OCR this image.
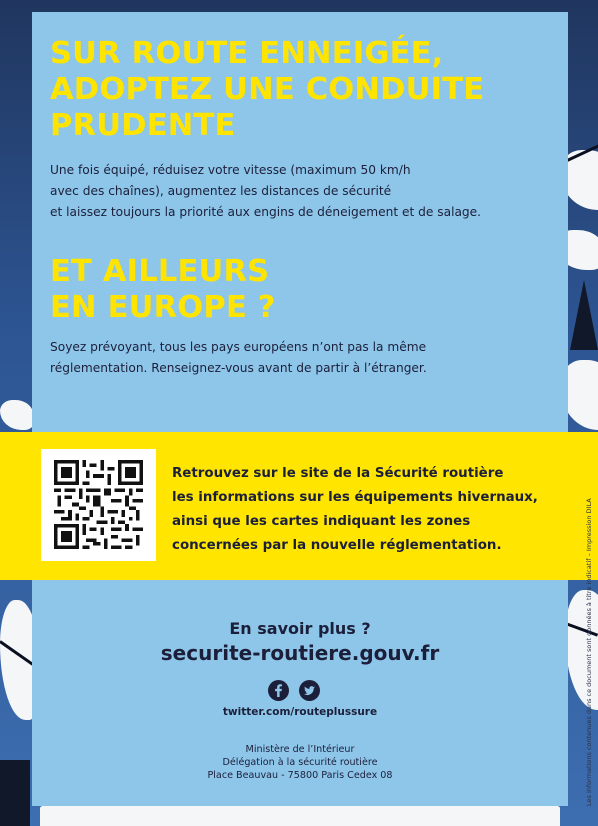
SUR ROUTE ENNEIGÉE,
ADOPTEZ UNE CONDUITE
PRUDENTE

Une fois équipé, réduisez votre vitesse (maximum 50 km/h
avec des chaînes), augmentez les distances de sécurité
et laissez toujours la priorité aux engins de déneigement et de salage.

ET AILLEURS
EN EUROPE ?

Soyez prévoyant, tous les pays européens n’ont pas la même
réglementation. Renseignez-vous avant de partir à l’étranger.

Retrouvez sur le site de la Sécurité routière
les informations sur les équipements hivernaux,
ainsi que les cartes indiquant les zones
concernées par la nouvelle réglementation.

En savoir plus ?

securite-routiere.gouv.fr

twitter.com/routeplussure

Ministère de l’Intérieur
Délégation à la sécurité routière
Place Beauvau - 75800 Paris Cedex 08	Les informations contenues dans ce document sont données à titre indicatif – Impression DILA
